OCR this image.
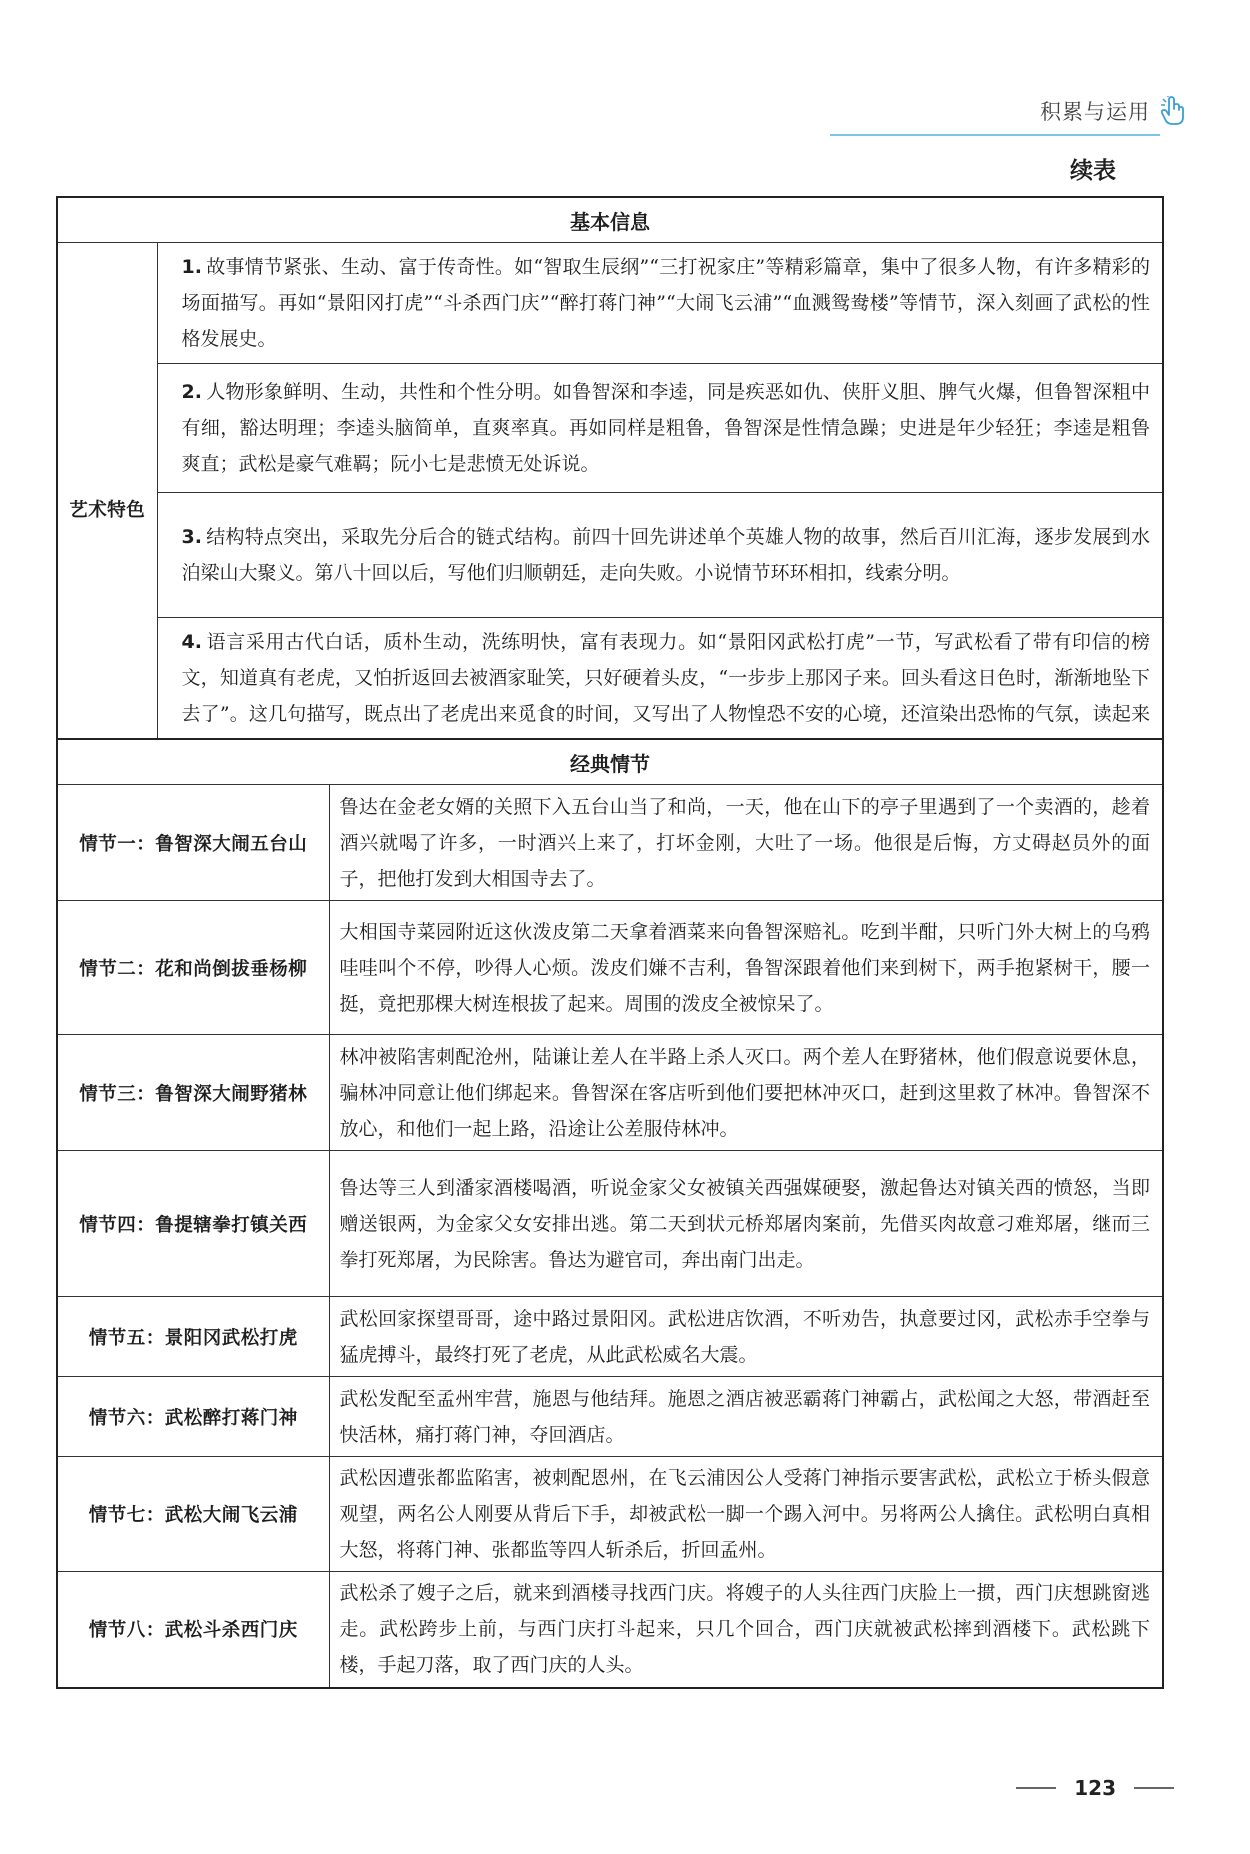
积累与运用
续表
基本信息
艺术特色	1. 故事情节紧张、生动、富于传奇性。如“智取生辰纲”“三打祝家庄”等精彩篇章，集中了很多人物，有许多精彩的场面描写。再如“景阳冈打虎”“斗杀西门庆”“醉打蒋门神”“大闹飞云浦”“血溅鸳鸯楼”等情节，深入刻画了武松的性格发展史。
2. 人物形象鲜明、生动，共性和个性分明。如鲁智深和李逵，同是疾恶如仇、侠肝义胆、脾气火爆，但鲁智深粗中有细，豁达明理；李逵头脑简单，直爽率真。再如同样是粗鲁，鲁智深是性情急躁；史进是年少轻狂；李逵是粗鲁爽直；武松是豪气难羁；阮小七是悲愤无处诉说。
3. 结构特点突出，采取先分后合的链式结构。前四十回先讲述单个英雄人物的故事，然后百川汇海，逐步发展到水泊梁山大聚义。第八十回以后，写他们归顺朝廷，走向失败。小说情节环环相扣，线索分明。
4. 语言采用古代白话，质朴生动，洗练明快，富有表现力。如“景阳冈武松打虎”一节，写武松看了带有印信的榜文，知道真有老虎，又怕折返回去被酒家耻笑，只好硬着头皮，“一步步上那冈子来。回头看这日色时，渐渐地坠下去了”。这几句描写，既点出了老虎出来觅食的时间，又写出了人物惶恐不安的心境，还渲染出恐怖的气氛，读起来
经典情节	
情节一：鲁智深大闹五台山	鲁达在金老女婿的关照下入五台山当了和尚，一天，他在山下的亭子里遇到了一个卖酒的，趁着酒兴就喝了许多，一时酒兴上来了，打坏金刚，大吐了一场。他很是后悔，方丈碍赵员外的面子，把他打发到大相国寺去了。
情节二：花和尚倒拔垂杨柳	大相国寺菜园附近这伙泼皮第二天拿着酒菜来向鲁智深赔礼。吃到半酣，只听门外大树上的乌鸦哇哇叫个不停，吵得人心烦。泼皮们嫌不吉利，鲁智深跟着他们来到树下，两手抱紧树干，腰一挺，竟把那棵大树连根拔了起来。周围的泼皮全被惊呆了。
情节三：鲁智深大闹野猪林	林冲被陷害刺配沧州，陆谦让差人在半路上杀人灭口。两个差人在野猪林，他们假意说要休息，骗林冲同意让他们绑起来。鲁智深在客店听到他们要把林冲灭口，赶到这里救了林冲。鲁智深不放心，和他们一起上路，沿途让公差服侍林冲。
情节四：鲁提辖拳打镇关西	鲁达等三人到潘家酒楼喝酒，听说金家父女被镇关西强媒硬娶，激起鲁达对镇关西的愤怒，当即赠送银两，为金家父女安排出逃。第二天到状元桥郑屠肉案前，先借买肉故意刁难郑屠，继而三拳打死郑屠，为民除害。鲁达为避官司，奔出南门出走。
情节五：景阳冈武松打虎	武松回家探望哥哥，途中路过景阳冈。武松进店饮酒，不听劝告，执意要过冈，武松赤手空拳与猛虎搏斗，最终打死了老虎，从此武松威名大震。
情节六：武松醉打蒋门神	武松发配至孟州牢营，施恩与他结拜。施恩之酒店被恶霸蒋门神霸占，武松闻之大怒，带酒赶至快活林，痛打蒋门神，夺回酒店。
情节七：武松大闹飞云浦	武松因遭张都监陷害，被刺配恩州，在飞云浦因公人受蒋门神指示要害武松，武松立于桥头假意观望，两名公人刚要从背后下手，却被武松一脚一个踢入河中。另将两公人擒住。武松明白真相大怒，将蒋门神、张都监等四人斩杀后，折回孟州。
情节八：武松斗杀西门庆	武松杀了嫂子之后，就来到酒楼寻找西门庆。将嫂子的人头往西门庆脸上一掼，西门庆想跳窗逃走。武松跨步上前，与西门庆打斗起来，只几个回合，西门庆就被武松摔到酒楼下。武松跳下楼，手起刀落，取了西门庆的人头。
123
